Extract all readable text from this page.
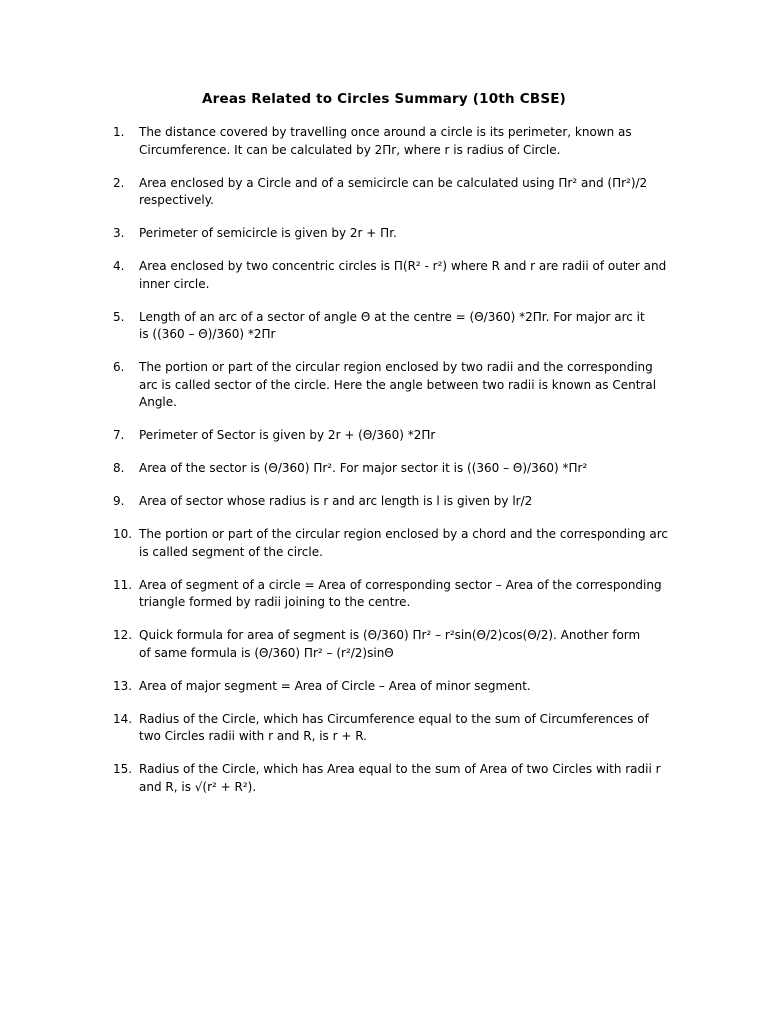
Areas Related to Circles Summary (10th CBSE)
1.	The distance covered by travelling once around a circle is its perimeter, known as
Circumference. It can be calculated by 2Πr, where r is radius of Circle.
2.	Area enclosed by a Circle and of a semicircle can be calculated using Πr² and (Πr²)/2
respectively.
3.	Perimeter of semicircle is given by 2r + Πr.
4.	Area enclosed by two concentric circles is Π(R² - r²) where R and r are radii of outer and
inner circle.
5.	Length of an arc of a sector of angle Θ at the centre = (Θ/360) *2Πr. For major arc it
is ((360 – Θ)/360) *2Πr
6.	The portion or part of the circular region enclosed by two radii and the corresponding
arc is called sector of the circle. Here the angle between two radii is known as Central
Angle.
7.	Perimeter of Sector is given by 2r + (Θ/360) *2Πr
8.	Area of the sector is (Θ/360) Πr². For major sector it is ((360 – Θ)/360) *Πr²
9.	Area of sector whose radius is r and arc length is l is given by lr/2
10. The portion or part of the circular region enclosed by a chord and the corresponding arc
is called segment of the circle.
11. Area of segment of a circle = Area of corresponding sector – Area of the corresponding
triangle formed by radii joining to the centre.
12. Quick formula for area of segment is (Θ/360) Πr² – r²sin(Θ/2)cos(Θ/2). Another form
of same formula is (Θ/360) Πr² – (r²/2)sinΘ
13. Area of major segment = Area of Circle – Area of minor segment.
14. Radius of the Circle, which has Circumference equal to the sum of Circumferences of
two Circles radii with r and R, is r + R.
15. Radius of the Circle, which has Area equal to the sum of Area of two Circles with radii r
and R, is √(r² + R²).
